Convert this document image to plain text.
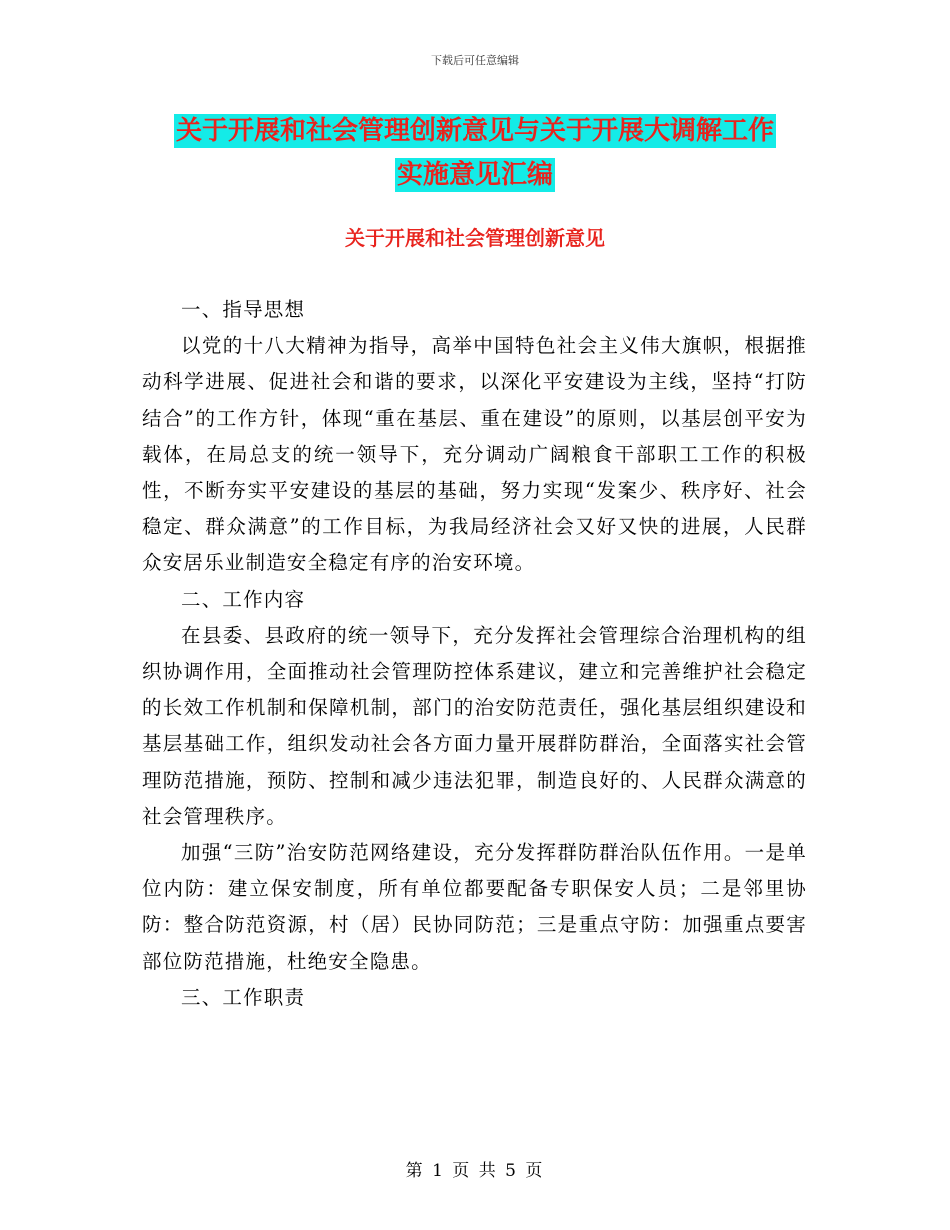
下载后可任意编辑
关于开展和社会管理创新意见与关于开展大调解工作
实施意见汇编
关于开展和社会管理创新意见

一、指导思想

以党的十八大精神为指导，高举中国特色社会主义伟大旗帜，根据推动科学进展、促进社会和谐的要求，以深化平安建设为主线，坚持“打防结合”的工作方针，体现“重在基层、重在建设”的原则，以基层创平安为载体，在局总支的统一领导下，充分调动广阔粮食干部职工工作的积极性，不断夯实平安建设的基层的基础，努力实现“发案少、秩序好、社会稳定、群众满意”的工作目标，为我局经济社会又好又快的进展，人民群众安居乐业制造安全稳定有序的治安环境。

二、工作内容

在县委、县政府的统一领导下，充分发挥社会管理综合治理机构的组织协调作用，全面推动社会管理防控体系建议，建立和完善维护社会稳定的长效工作机制和保障机制，部门的治安防范责任，强化基层组织建设和基层基础工作，组织发动社会各方面力量开展群防群治，全面落实社会管理防范措施，预防、控制和减少违法犯罪，制造良好的、人民群众满意的社会管理秩序。

加强“三防”治安防范网络建设，充分发挥群防群治队伍作用。一是单位内防：建立保安制度，所有单位都要配备专职保安人员；二是邻里协防：整合防范资源，村（居）民协同防范；三是重点守防：加强重点要害部位防范措施，杜绝安全隐患。

三、工作职责

第 1 页 共 5 页
